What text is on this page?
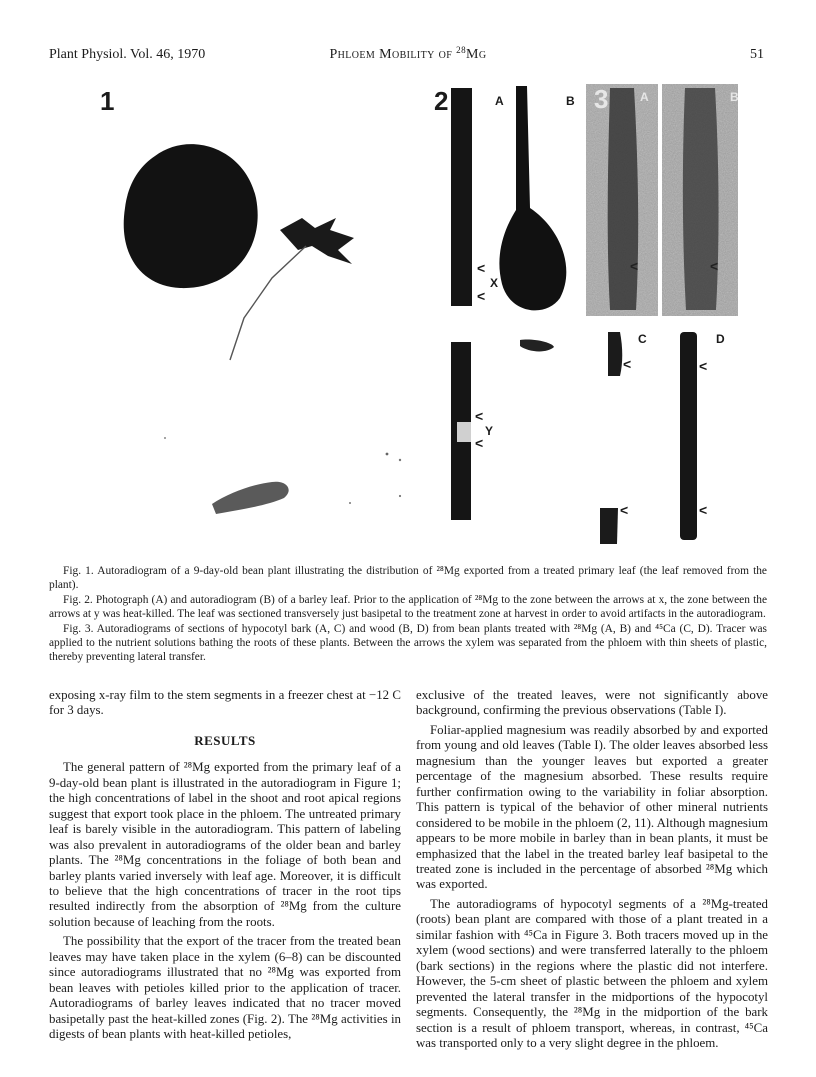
Plant Physiol. Vol. 46, 1970	Phloem Mobility of $^{28}$Mg	51
1	2	3
A	B	A	B
C	D
<
<
X
<
<
Y
<	<
<
<
<
<

Fig. 1. Autoradiogram of a 9-day-old bean plant illustrating the distribution of ²⁸Mg exported from a treated primary leaf (the leaf removed from the plant).

Fig. 2. Photograph (A) and autoradiogram (B) of a barley leaf. Prior to the application of ²⁸Mg to the zone between the arrows at x, the zone between the arrows at y was heat-killed. The leaf was sectioned transversely just basipetal to the treatment zone at harvest in order to avoid artifacts in the autoradiogram.

Fig. 3. Autoradiograms of sections of hypocotyl bark (A, C) and wood (B, D) from bean plants treated with ²⁸Mg (A, B) and ⁴⁵Ca (C, D). Tracer was applied to the nutrient solutions bathing the roots of these plants. Between the arrows the xylem was separated from the phloem with thin sheets of plastic, thereby preventing lateral transfer.

exposing x-ray film to the stem segments in a freezer chest at −12 C for 3 days.

RESULTS

The general pattern of ²⁸Mg exported from the primary leaf of a 9-day-old bean plant is illustrated in the autoradiogram in Figure 1; the high concentrations of label in the shoot and root apical regions suggest that export took place in the phloem. The untreated primary leaf is barely visible in the autoradiogram. This pattern of labeling was also prevalent in autoradiograms of the older bean and barley plants. The ²⁸Mg concentrations in the foliage of both bean and barley plants varied inversely with leaf age. Moreover, it is difficult to believe that the high concentrations of tracer in the root tips resulted indirectly from the absorption of ²⁸Mg from the culture solution because of leaching from the roots.

The possibility that the export of the tracer from the treated bean leaves may have taken place in the xylem (6–8) can be discounted since autoradiograms illustrated that no ²⁸Mg was exported from bean leaves with petioles killed prior to the application of tracer. Autoradiograms of barley leaves indicated that no tracer moved basipetally past the heat-killed zones (Fig. 2). The ²⁸Mg activities in digests of bean plants with heat-killed petioles,

exclusive of the treated leaves, were not significantly above background, confirming the previous observations (Table I).

Foliar-applied magnesium was readily absorbed by and exported from young and old leaves (Table I). The older leaves absorbed less magnesium than the younger leaves but exported a greater percentage of the magnesium absorbed. These results require further confirmation owing to the variability in foliar absorption. This pattern is typical of the behavior of other mineral nutrients considered to be mobile in the phloem (2, 11). Although magnesium appears to be more mobile in barley than in bean plants, it must be emphasized that the label in the treated barley leaf basipetal to the treated zone is included in the percentage of absorbed ²⁸Mg which was exported.

The autoradiograms of hypocotyl segments of a ²⁸Mg-treated (roots) bean plant are compared with those of a plant treated in a similar fashion with ⁴⁵Ca in Figure 3. Both tracers moved up in the xylem (wood sections) and were transferred laterally to the phloem (bark sections) in the regions where the plastic did not interfere. However, the 5-cm sheet of plastic between the phloem and xylem prevented the lateral transfer in the midportions of the hypocotyl segments. Consequently, the ²⁸Mg in the midportion of the bark section is a result of phloem transport, whereas, in contrast, ⁴⁵Ca was transported only to a very slight degree in the phloem.
